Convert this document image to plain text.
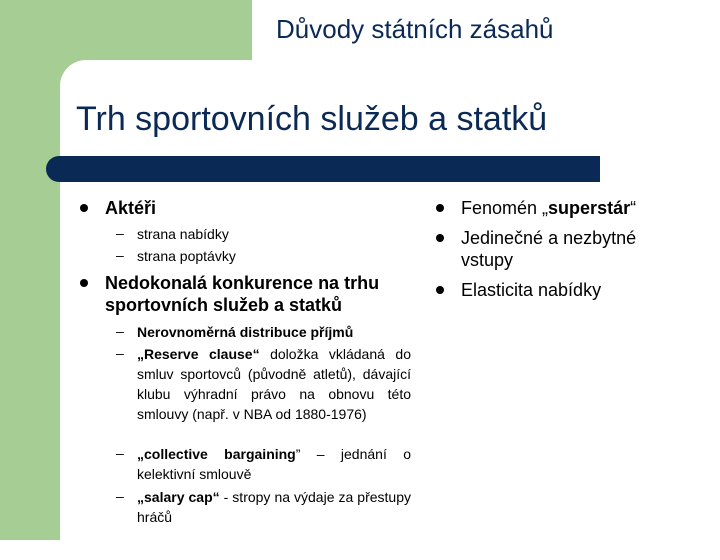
Důvody státních zásahů
Trh sportovních služeb a statků
Aktéři
– strana nabídky
– strana poptávky
Nedokonalá konkurence na trhu sportovních služeb a statků
– Nerovnoměrná distribuce příjmů
– „Reserve clause“ doložka vkládaná do smluv sportovců (původně atletů), dávající klubu výhradní právo na obnovu této smlouvy (např. v NBA od 1880-1976)
– „collective bargaining” – jednání o kelektivní smlouvě
– „salary cap“ - stropy na výdaje za přestupy hráčů
Fenomén „superstár“
Jedinečné a nezbytné vstupy
Elasticita nabídky
